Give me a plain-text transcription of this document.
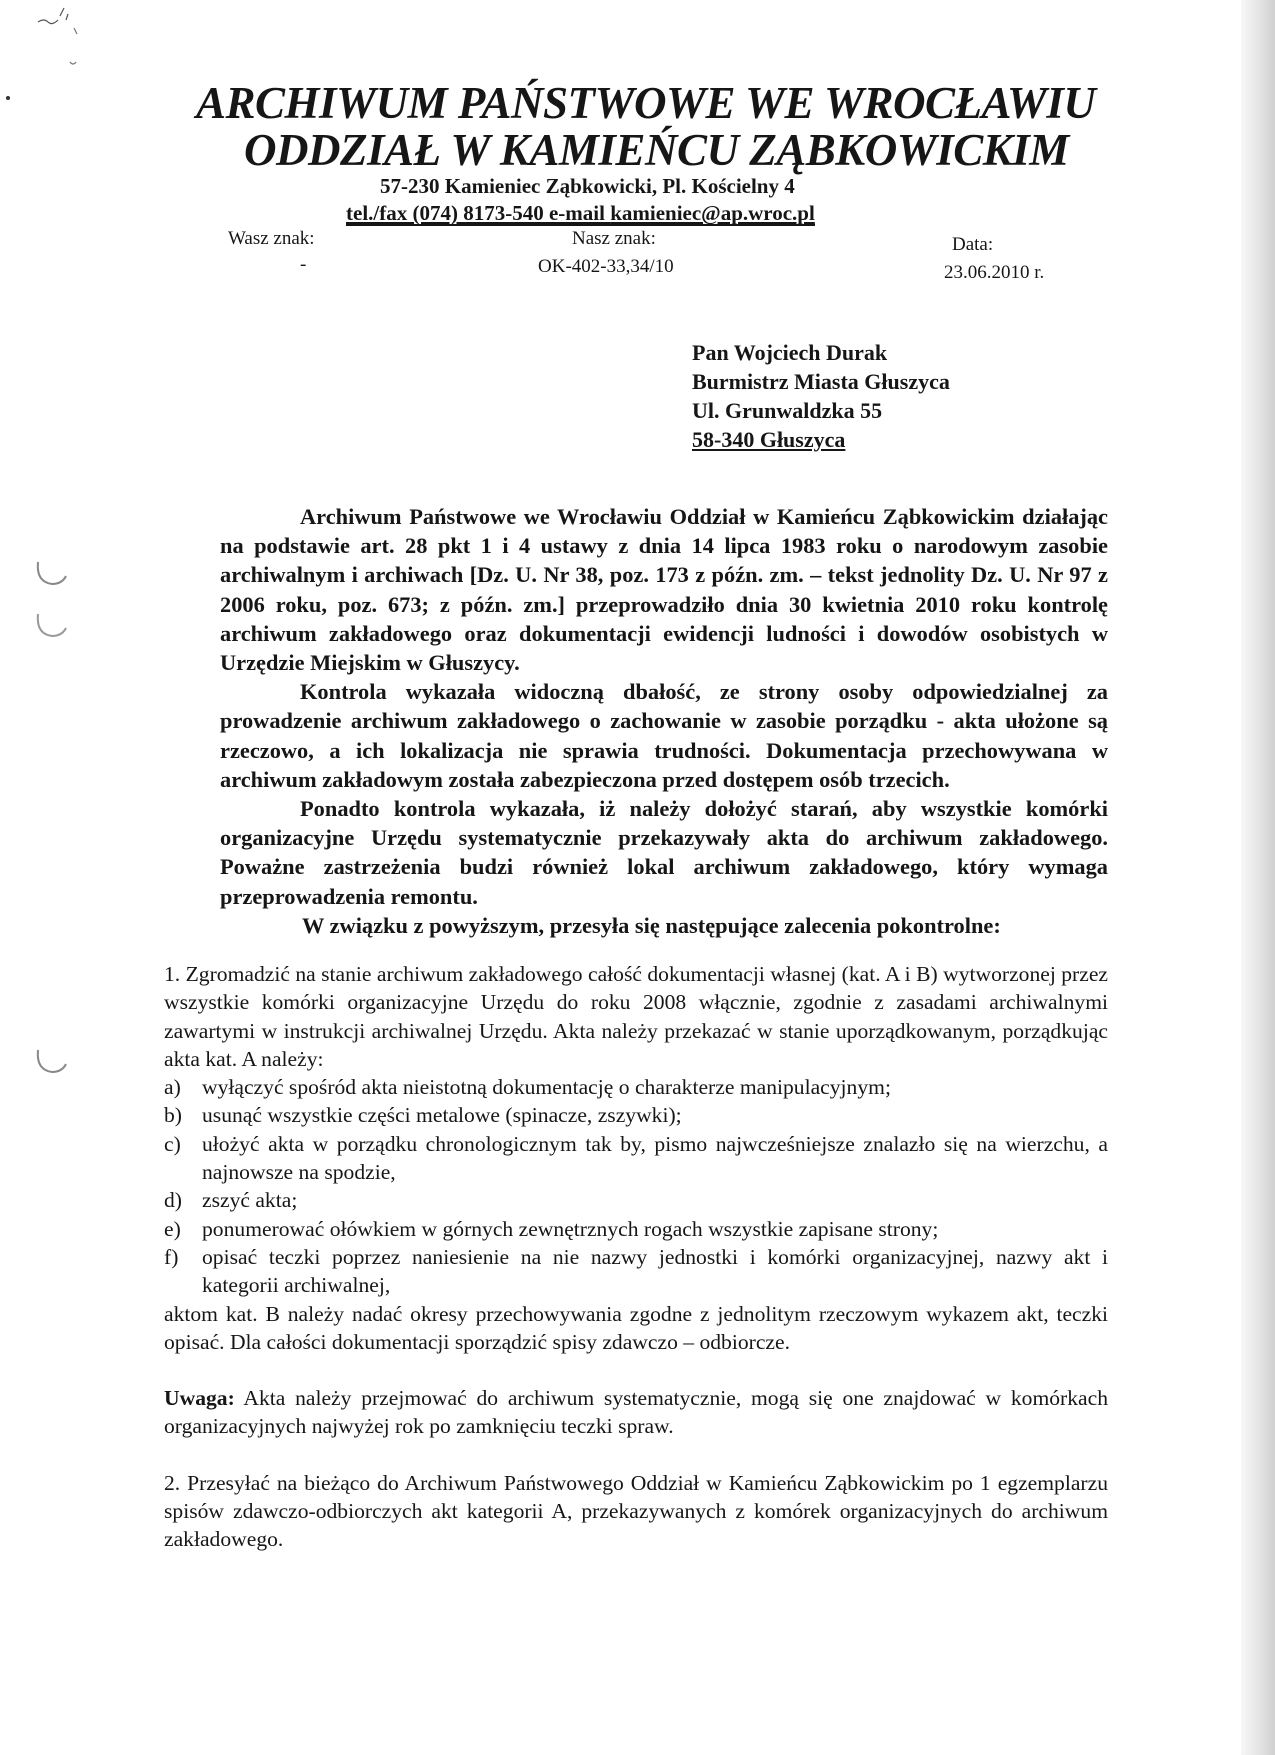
ARCHIWUM PAŃSTWOWE WE WROCŁAWIU
ODDZIAŁ W KAMIEŃCU ZĄBKOWICKIM
57-230 Kamieniec Ząbkowicki, Pl. Kościelny 4
tel./fax (074) 8173-540 e-mail kamieniec@ap.wroc.pl
Wasz znak:
-
Nasz znak:
OK-402-33,34/10
Data:
23.06.2010 r.
Pan Wojciech Durak
Burmistrz Miasta Głuszyca
Ul. Grunwaldzka 55
58-340 Głuszyca

Archiwum Państwowe we Wrocławiu Oddział w Kamieńcu Ząbkowickim działając na podstawie art. 28 pkt 1 i 4 ustawy z dnia 14 lipca 1983 roku o narodowym zasobie archiwalnym i archiwach [Dz. U. Nr 38, poz. 173 z późn. zm. – tekst jednolity Dz. U. Nr 97 z 2006 roku, poz. 673; z późn. zm.] przeprowadziło dnia 30 kwietnia 2010 roku kontrolę archiwum zakładowego oraz dokumentacji ewidencji ludności i dowodów osobistych w Urzędzie Miejskim w Głuszycy.

Kontrola wykazała widoczną dbałość, ze strony osoby odpowiedzialnej za prowadzenie archiwum zakładowego o zachowanie w zasobie porządku - akta ułożone są rzeczowo, a ich lokalizacja nie sprawia trudności. Dokumentacja przechowywana w archiwum zakładowym została zabezpieczona przed dostępem osób trzecich.

Ponadto kontrola wykazała, iż należy dołożyć starań, aby wszystkie komórki organizacyjne Urzędu systematycznie przekazywały akta do archiwum zakładowego. Poważne zastrzeżenia budzi również lokal archiwum zakładowego, który wymaga przeprowadzenia remontu.

W związku z powyższym, przesyła się następujące zalecenia pokontrolne:

1. Zgromadzić na stanie archiwum zakładowego całość dokumentacji własnej (kat. A i B) wytworzonej przez wszystkie komórki organizacyjne Urzędu do roku 2008 włącznie, zgodnie z zasadami archiwalnymi zawartymi w instrukcji archiwalnej Urzędu. Akta należy przekazać w stanie uporządkowanym, porządkując akta kat. A należy:

a) wyłączyć spośród akta nieistotną dokumentację o charakterze manipulacyjnym;
b) usunąć wszystkie części metalowe (spinacze, zszywki);
c) ułożyć akta w porządku chronologicznym tak by, pismo najwcześniejsze znalazło się na wierzchu, a najnowsze na spodzie,
d) zszyć akta;
e) ponumerować ołówkiem w górnych zewnętrznych rogach wszystkie zapisane strony;
f)	opisać teczki poprzez naniesienie na nie nazwy jednostki i komórki organizacyjnej, nazwy akt i kategorii archiwalnej,

aktom kat. B należy nadać okresy przechowywania zgodne z jednolitym rzeczowym wykazem akt, teczki opisać. Dla całości dokumentacji sporządzić spisy zdawczo – odbiorcze.

Uwaga: Akta należy przejmować do archiwum systematycznie, mogą się one znajdować w komórkach organizacyjnych najwyżej rok po zamknięciu teczki spraw.

2. Przesyłać na bieżąco do Archiwum Państwowego Oddział w Kamieńcu Ząbkowickim po 1 egzemplarzu spisów zdawczo-odbiorczych akt kategorii A, przekazywanych z komórek organizacyjnych do archiwum zakładowego.
